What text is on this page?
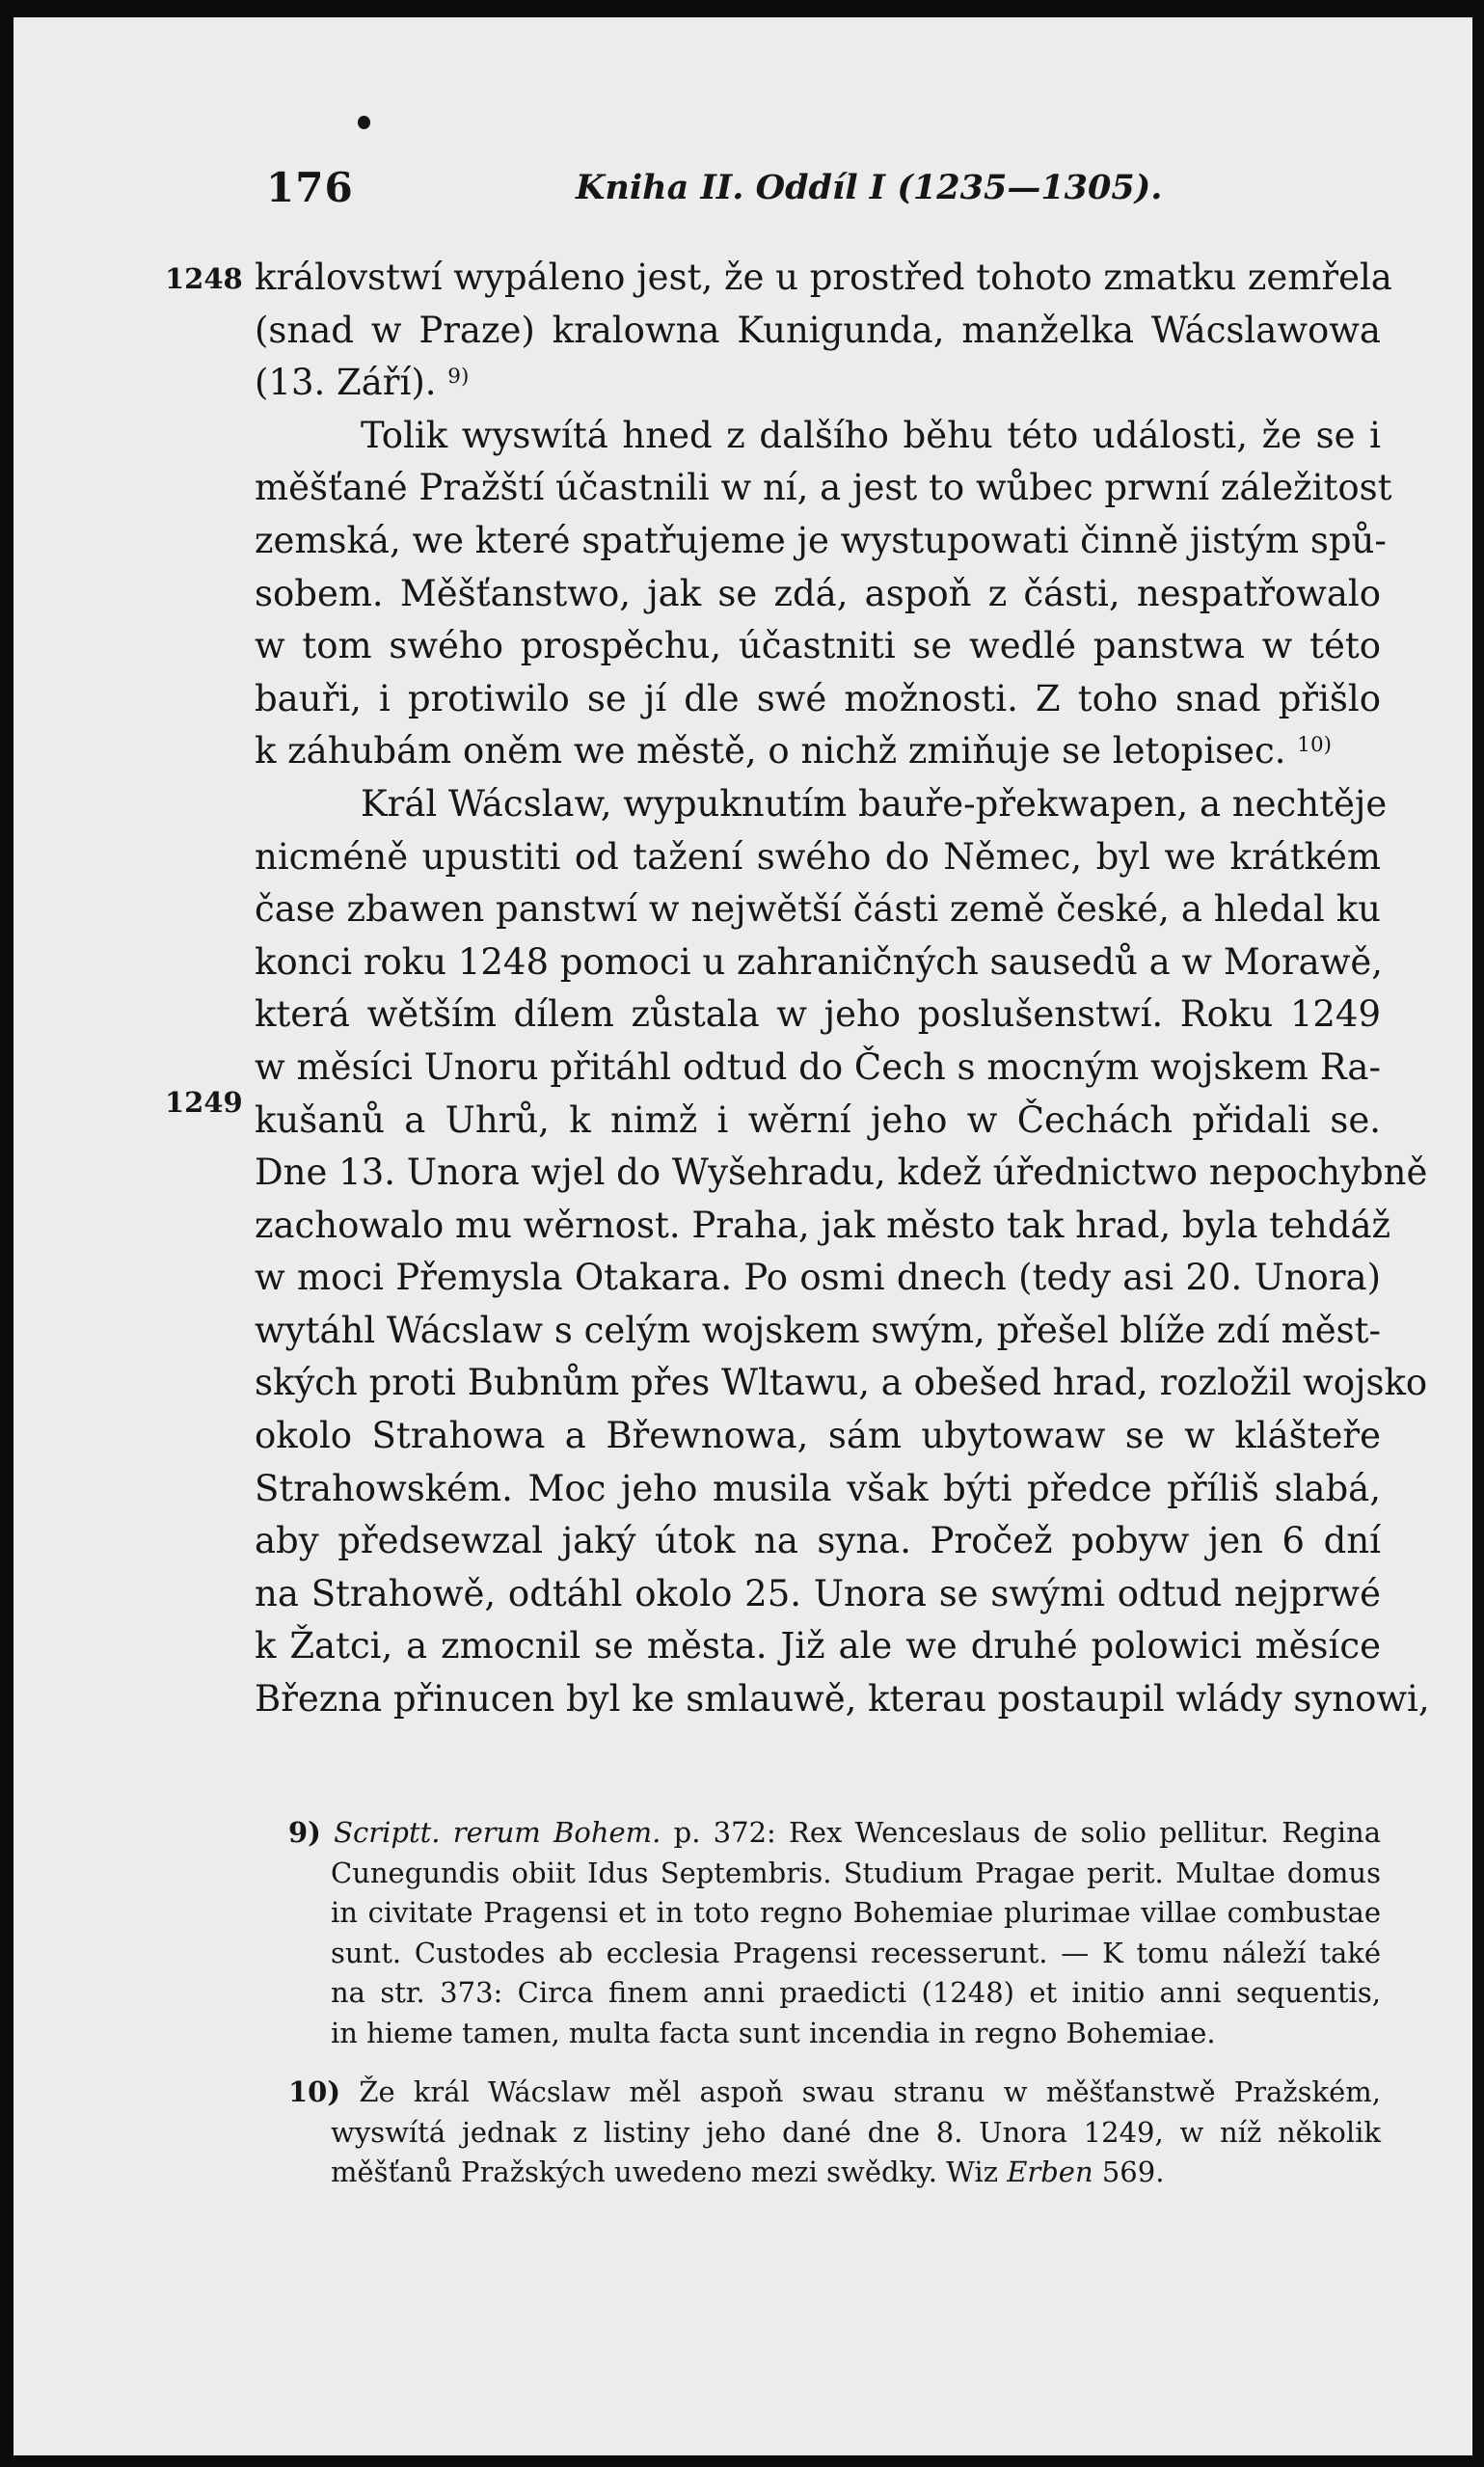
176	Kniha II. Oddíl I (1235—1305).
1248
1249
královstwí wypáleno jest, že u prostřed tohoto zmatku zemřela
(snad w Praze) kralowna Kunigunda, manželka Wácslawowa
(13. Září). $^{9)}$
Tolik wyswítá hned z dalšího běhu této události, že se i
měšťané Pražští účastnili w ní, a jest to wůbec prwní záležitost
zemská, we které spatřujeme je wystupowati činně jistým spů-
sobem. Měšťanstwo, jak se zdá, aspoň z části, nespatřowalo
w tom swého prospěchu, účastniti se wedlé panstwa w této
bauři, i protiwilo se jí dle swé možnosti. Z toho snad přišlo
k záhubám oněm we městě, o nichž zmiňuje se letopisec. $^{10)}$
Král Wácslaw, wypuknutím bauře-překwapen, a nechtěje
nicméně upustiti od tažení swého do Němec, byl we krátkém
čase zbawen panstwí w nejwětší části země české, a hledal ku
konci roku 1248 pomoci u zahraničných sausedů a w Morawě,
která wětším dílem zůstala w jeho poslušenstwí. Roku 1249
w měsíci Unoru přitáhl odtud do Čech s mocným wojskem Ra-
kušanů a Uhrů, k nimž i wěrní jeho w Čechách přidali se.
Dne 13. Unora wjel do Wyšehradu, kdež úřednictwo nepochybně
zachowalo mu wěrnost. Praha, jak město tak hrad, byla tehdáž
w moci Přemysla Otakara. Po osmi dnech (tedy asi 20. Unora)
wytáhl Wácslaw s celým wojskem swým, přešel blíže zdí měst-
ských proti Bubnům přes Wltawu, a obešed hrad, rozložil wojsko
okolo Strahowa a Břewnowa, sám ubytowaw se w klášteře
Strahowském. Moc jeho musila však býti předce příliš slabá,
aby předsewzal jaký útok na syna. Pročež pobyw jen 6 dní
na Strahowě, odtáhl okolo 25. Unora se swými odtud nejprwé
k Žatci, a zmocnil se města. Již ale we druhé polowici měsíce
Března přinucen byl ke smlauwě, kterau postaupil wlády synowi,
9) Scriptt. rerum Bohem. p. 372: Rex Wenceslaus de solio pellitur. Regina
Cunegundis obiit Idus Septembris. Studium Pragae perit. Multae domus
in civitate Pragensi et in toto regno Bohemiae plurimae villae combustae
sunt. Custodes ab ecclesia Pragensi recesserunt. — K tomu náleží také
na str. 373: Circa finem anni praedicti (1248) et initio anni sequentis,
in hieme tamen, multa facta sunt incendia in regno Bohemiae.
10) Že král Wácslaw měl aspoň swau stranu w měšťanstwě Pražském,
wyswítá jednak z listiny jeho dané dne 8. Unora 1249, w níž několik
měšťanů Pražských uwedeno mezi swědky. Wiz Erben 569.
